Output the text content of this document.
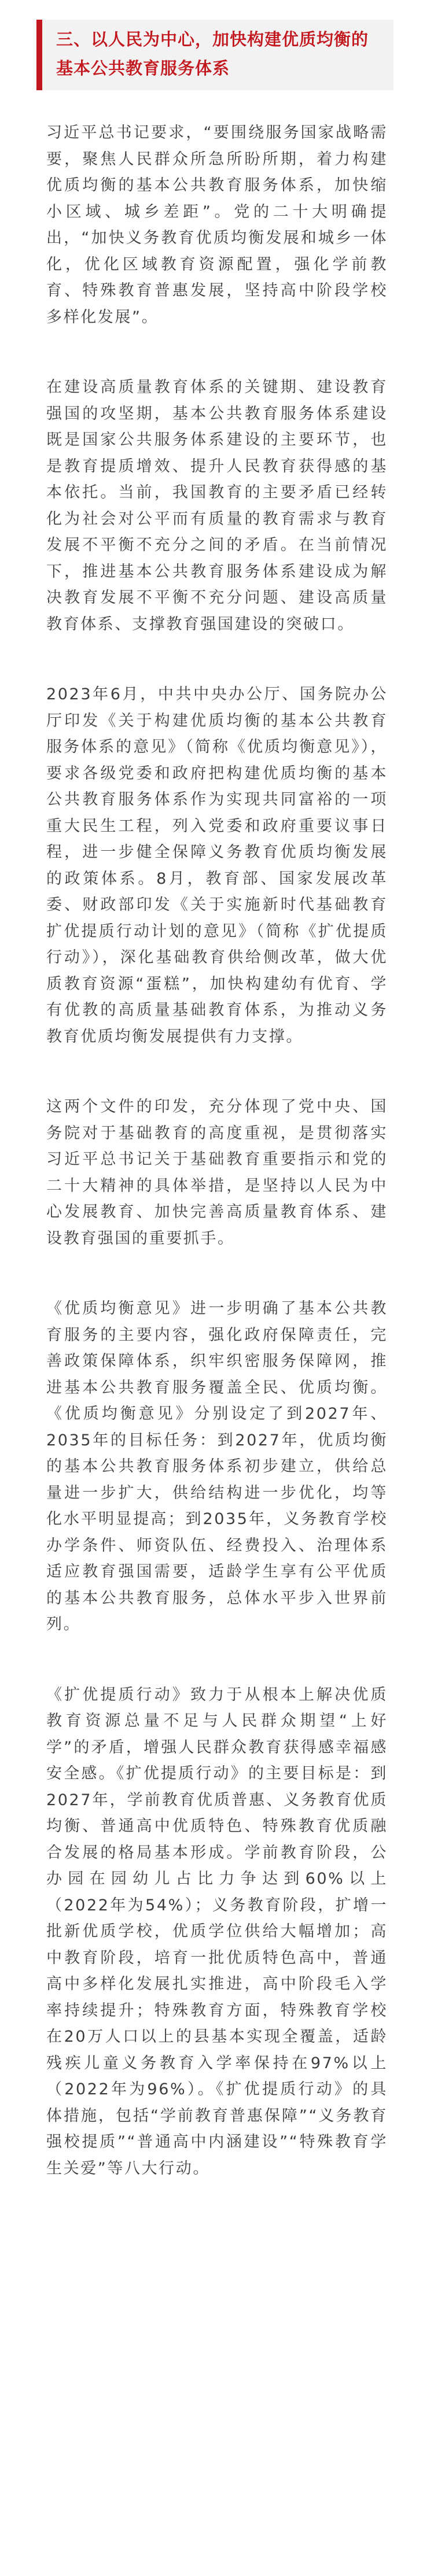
三、以人民为中心，加快构建优质均衡的基本公共教育服务体系

习近平总书记要求，“要围绕服务国家战略需要，聚焦人民群众所急所盼所期，着力构建优质均衡的基本公共教育服务体系，加快缩小区域、城乡差距”。党的二十大明确提出，“加快义务教育优质均衡发展和城乡一体化，优化区域教育资源配置，强化学前教育、特殊教育普惠发展，坚持高中阶段学校多样化发展”。

在建设高质量教育体系的关键期、建设教育强国的攻坚期，基本公共教育服务体系建设既是国家公共服务体系建设的主要环节，也是教育提质增效、提升人民教育获得感的基本依托。当前，我国教育的主要矛盾已经转化为社会对公平而有质量的教育需求与教育发展不平衡不充分之间的矛盾。在当前情况下，推进基本公共教育服务体系建设成为解决教育发展不平衡不充分问题、建设高质量教育体系、支撑教育强国建设的突破口。

2023年6月，中共中央办公厅、国务院办公厅印发《关于构建优质均衡的基本公共教育服务体系的意见》（简称《优质均衡意见》），要求各级党委和政府把构建优质均衡的基本公共教育服务体系作为实现共同富裕的一项重大民生工程，列入党委和政府重要议事日程，进一步健全保障义务教育优质均衡发展的政策体系。8月，教育部、国家发展改革委、财政部印发《关于实施新时代基础教育扩优提质行动计划的意见》（简称《扩优提质行动》），深化基础教育供给侧改革，做大优质教育资源“蛋糕”，加快构建幼有优育、学有优教的高质量基础教育体系，为推动义务教育优质均衡发展提供有力支撑。

这两个文件的印发，充分体现了党中央、国务院对于基础教育的高度重视，是贯彻落实习近平总书记关于基础教育重要指示和党的二十大精神的具体举措，是坚持以人民为中心发展教育、加快完善高质量教育体系、建设教育强国的重要抓手。

《优质均衡意见》进一步明确了基本公共教育服务的主要内容，强化政府保障责任，完善政策保障体系，织牢织密服务保障网，推进基本公共教育服务覆盖全民、优质均衡。《优质均衡意见》分别设定了到2027年、2035年的目标任务：到2027年，优质均衡的基本公共教育服务体系初步建立，供给总量进一步扩大，供给结构进一步优化，均等化水平明显提高；到2035年，义务教育学校办学条件、师资队伍、经费投入、治理体系适应教育强国需要，适龄学生享有公平优质的基本公共教育服务，总体水平步入世界前列。

《扩优提质行动》致力于从根本上解决优质教育资源总量不足与人民群众期望“上好学”的矛盾，增强人民群众教育获得感幸福感安全感。《扩优提质行动》的主要目标是：到2027年，学前教育优质普惠、义务教育优质均衡、普通高中优质特色、特殊教育优质融合发展的格局基本形成。学前教育阶段，公办园在园幼儿占比力争达到60%以上（2022年为54%）；义务教育阶段，扩增一批新优质学校，优质学位供给大幅增加；高中教育阶段，培育一批优质特色高中，普通高中多样化发展扎实推进，高中阶段毛入学率持续提升；特殊教育方面，特殊教育学校在20万人口以上的县基本实现全覆盖，适龄残疾儿童义务教育入学率保持在97%以上（2022年为96%）。《扩优提质行动》的具体措施，包括“学前教育普惠保障”“义务教育强校提质”“普通高中内涵建设”“特殊教育学生关爱”等八大行动。
